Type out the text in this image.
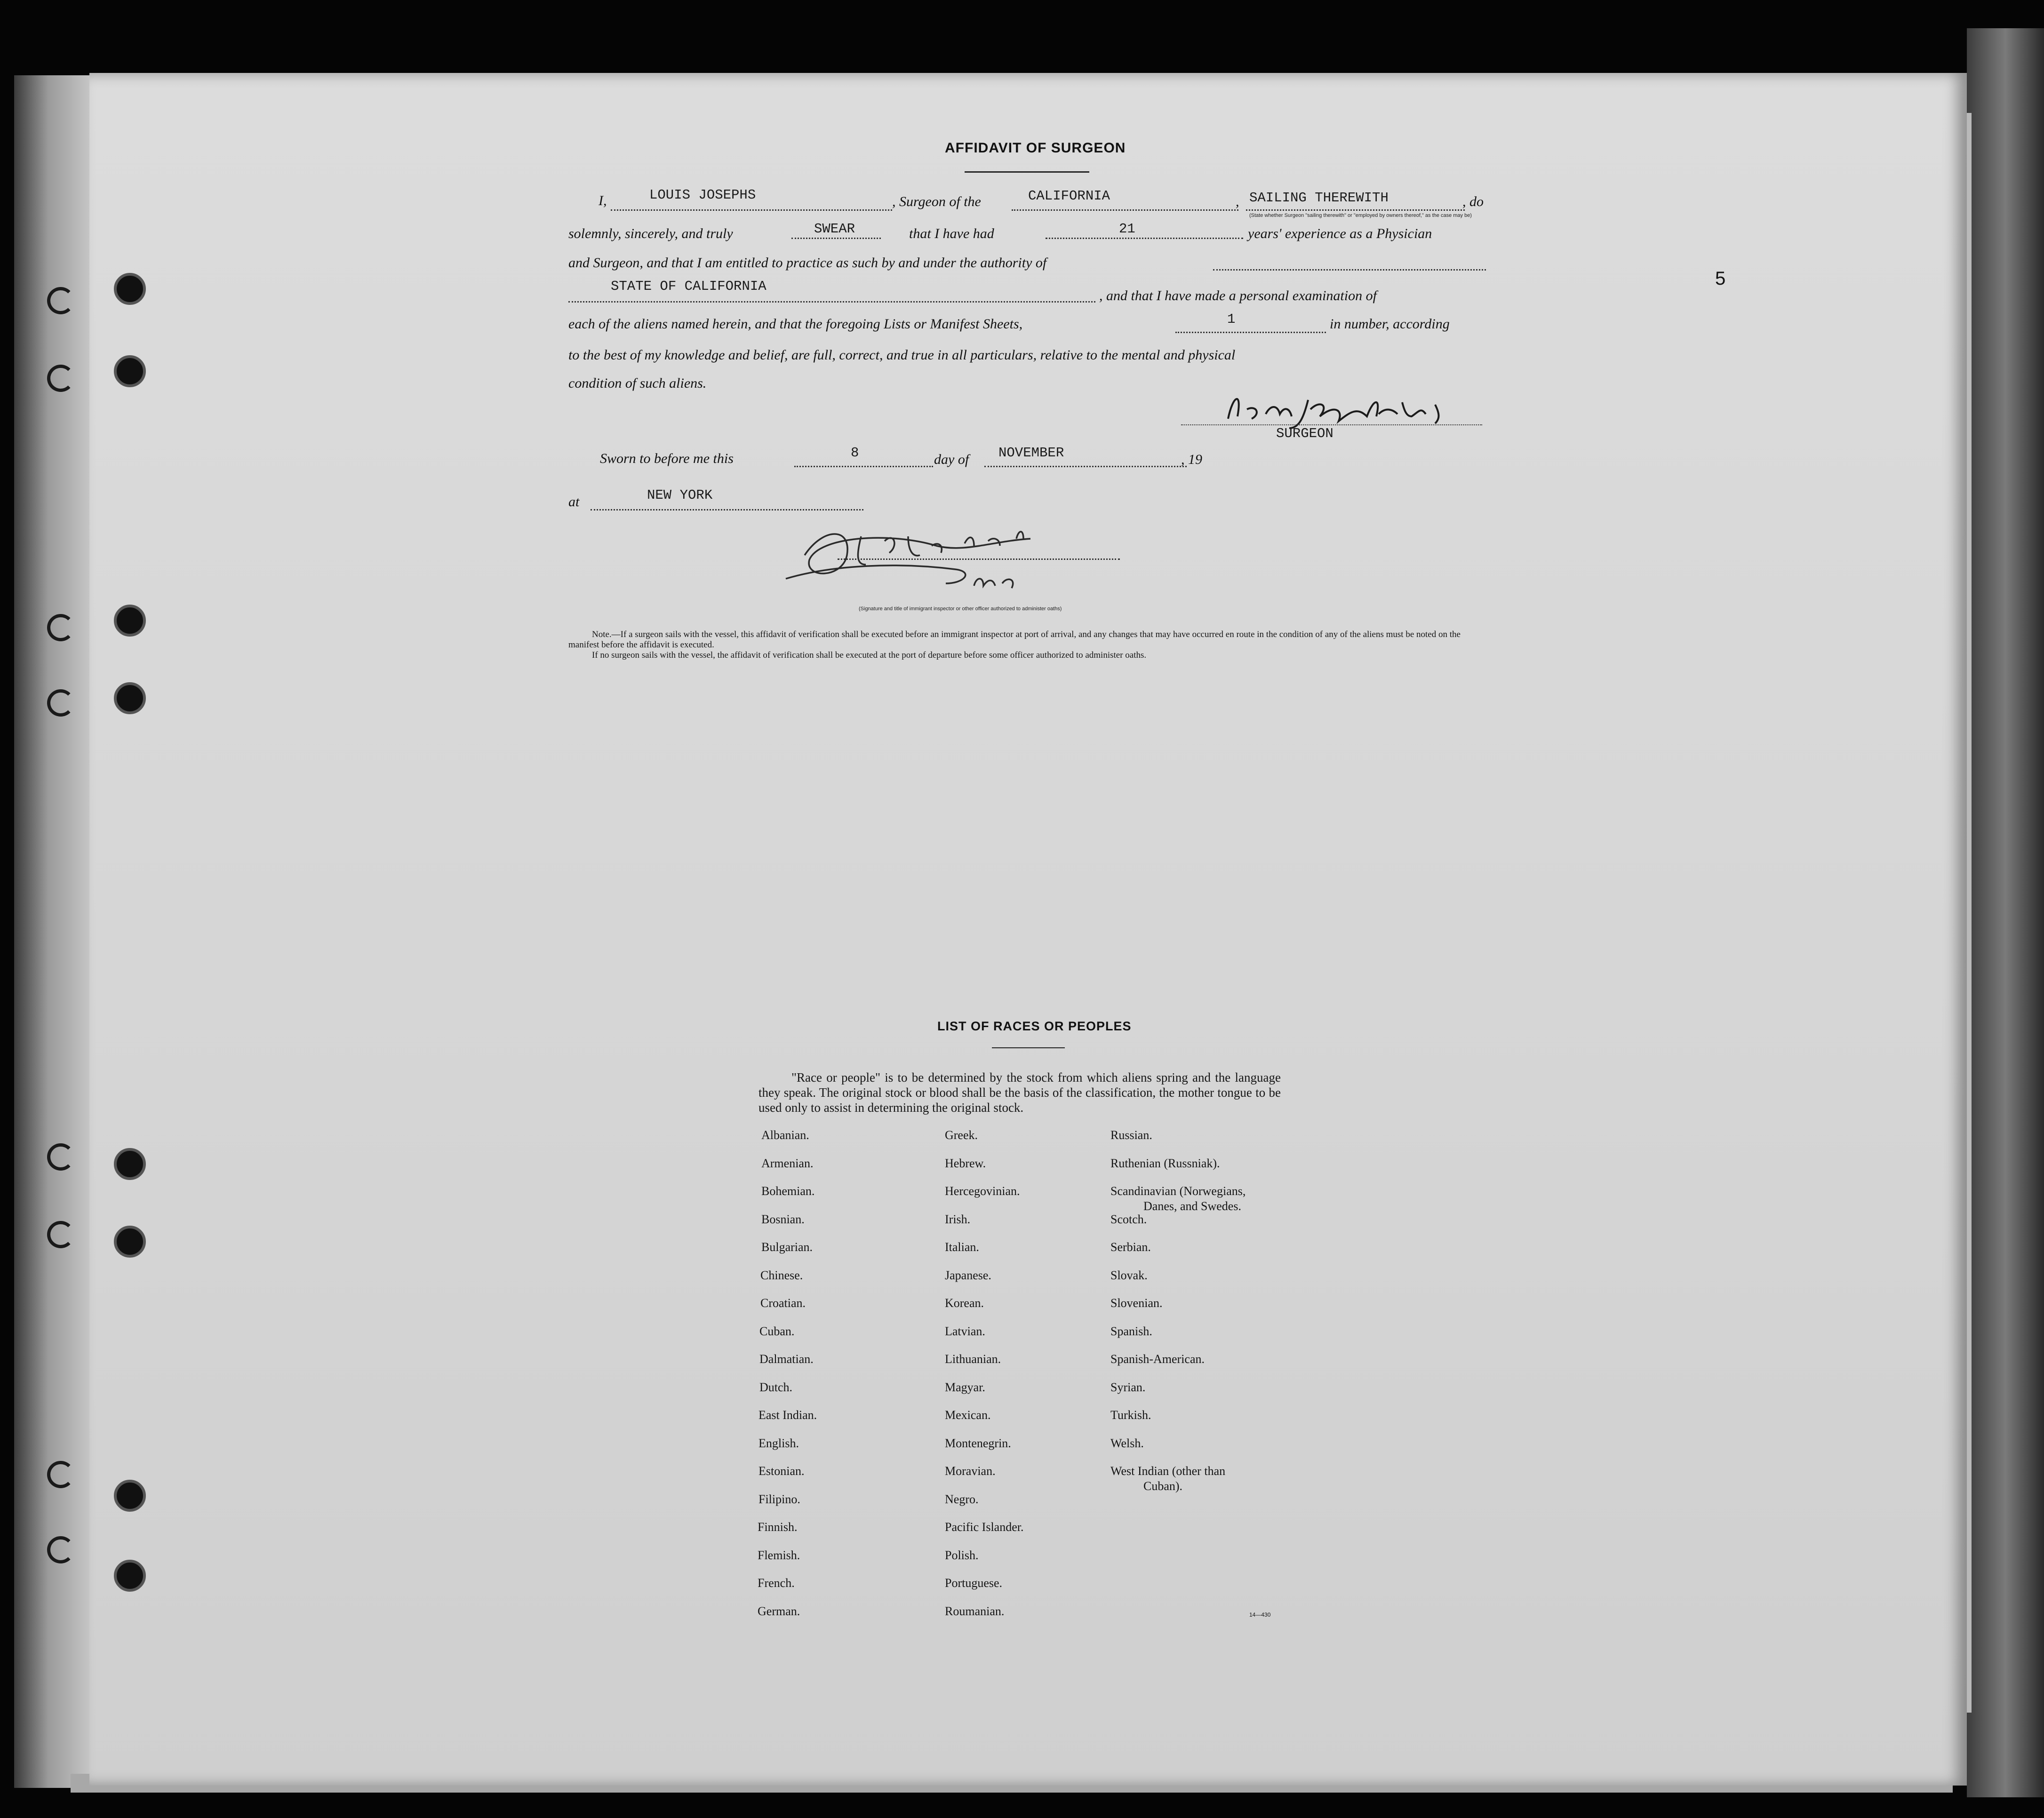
5
AFFIDAVIT OF SURGEON
I,	LOUIS JOSEPHS	, Surgeon of the	CALIFORNIA	, SAILING THEREWITH	, do
(State whether Surgeon "sailing therewith" or "employed by owners thereof," as the case may be)
solemnly, sincerely, and truly	SWEAR	that I have had	21	years' experience as a Physician
and Surgeon, and that I am entitled to practice as such by and under the authority of
STATE OF CALIFORNIA
, and that I have made a personal examination of
each of the aliens named herein, and that the foregoing Lists or Manifest Sheets,	1	in number, according
to the best of my knowledge and belief, are full, correct, and true in all particulars, relative to the mental and physical
condition of such aliens.
SURGEON
Sworn to before me this	8	day of NOVEMBER	, 19
at	NEW YORK
(Signature and title of immigrant inspector or other officer authorized to administer oaths)
Note.—If a surgeon sails with the vessel, this affidavit of verification shall be executed before an immigrant inspector at port of arrival, and any changes that may have occurred en route in the condition of any of the aliens must be noted on the manifest before the affidavit is executed.
If no surgeon sails with the vessel, the affidavit of verification shall be executed at the port of departure before some officer authorized to administer oaths.
LIST OF RACES OR PEOPLES
"Race or people" is to be determined by the stock from which aliens spring and the language they speak. The original stock or blood shall be the basis of the classification, the mother tongue to be used only to assist in determining the original stock.
Albanian.
Armenian.
Bohemian.
Bosnian.
Bulgarian.
Chinese.
Croatian.
Cuban.
Dalmatian.
Dutch.
East Indian.
English.
Estonian.
Filipino.
Finnish.
Flemish.
French.
German.
Greek.
Hebrew.
Hercegovinian.
Irish.
Italian.
Japanese.
Korean.
Latvian.
Lithuanian.
Magyar.
Mexican.
Montenegrin.
Moravian.
Negro.
Pacific Islander.
Polish.
Portuguese.
Roumanian.
Russian.
Ruthenian (Russniak).
Scandinavian (Norwegians,
Danes, and Swedes.
Scotch.
Serbian.
Slovak.
Slovenian.
Spanish.
Spanish-American.
Syrian.
Turkish.
Welsh.
West Indian (other than
Cuban).
14—430
